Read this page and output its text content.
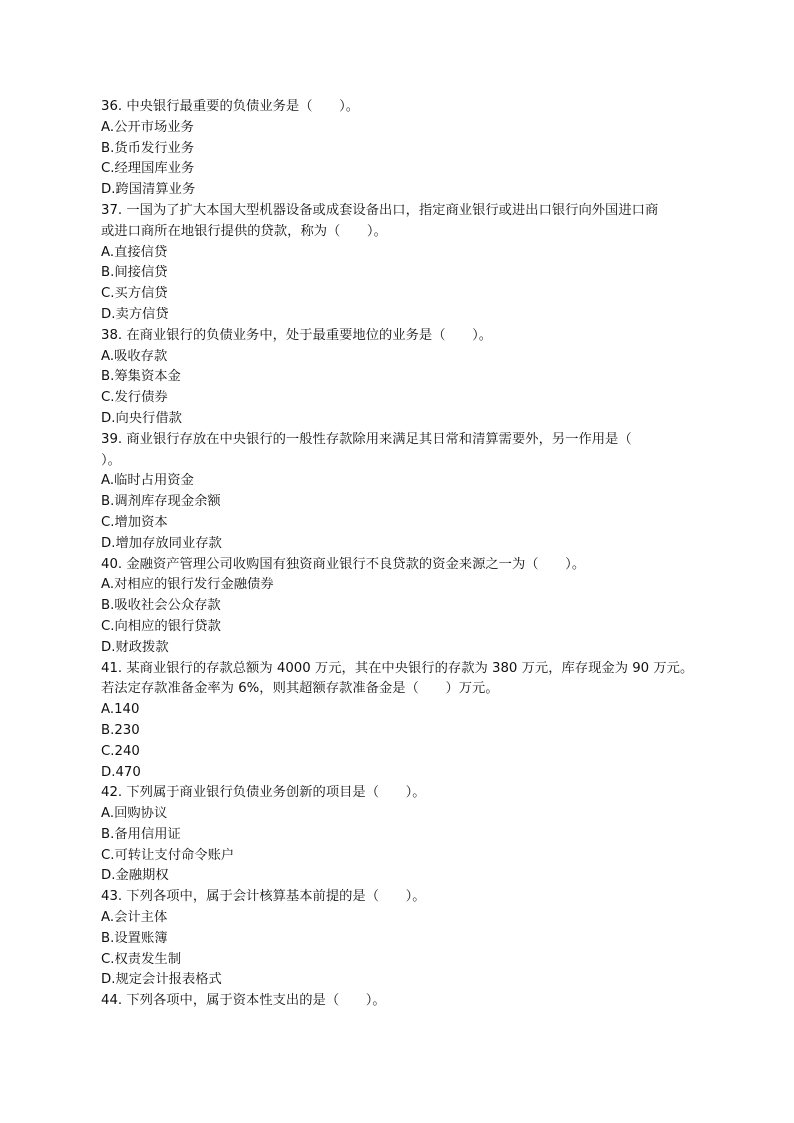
36. 中央银行最重要的负债业务是（　　）。
A.公开市场业务
B.货币发行业务
C.经理国库业务
D.跨国清算业务
37. 一国为了扩大本国大型机器设备或成套设备出口，指定商业银行或进出口银行向外国进口商
或进口商所在地银行提供的贷款，称为（　　）。
A.直接信贷
B.间接信贷
C.买方信贷
D.卖方信贷
38. 在商业银行的负债业务中，处于最重要地位的业务是（　　）。
A.吸收存款
B.筹集资本金
C.发行债券
D.向央行借款
39. 商业银行存放在中央银行的一般性存款除用来满足其日常和清算需要外，另一作用是（
）。
A.临时占用资金
B.调剂库存现金余额
C.增加资本
D.增加存放同业存款
40. 金融资产管理公司收购国有独资商业银行不良贷款的资金来源之一为（　　）。
A.对相应的银行发行金融债券
B.吸收社会公众存款
C.向相应的银行贷款
D.财政拨款
41. 某商业银行的存款总额为 4000 万元，其在中央银行的存款为 380 万元，库存现金为 90 万元。
若法定存款准备金率为 6%，则其超额存款准备金是（　　）万元。
A.140
B.230
C.240
D.470
42. 下列属于商业银行负债业务创新的项目是（　　）。
A.回购协议
B.备用信用证
C.可转让支付命令账户
D.金融期权
43. 下列各项中，属于会计核算基本前提的是（　　）。
A.会计主体
B.设置账簿
C.权责发生制
D.规定会计报表格式
44. 下列各项中，属于资本性支出的是（　　）。
